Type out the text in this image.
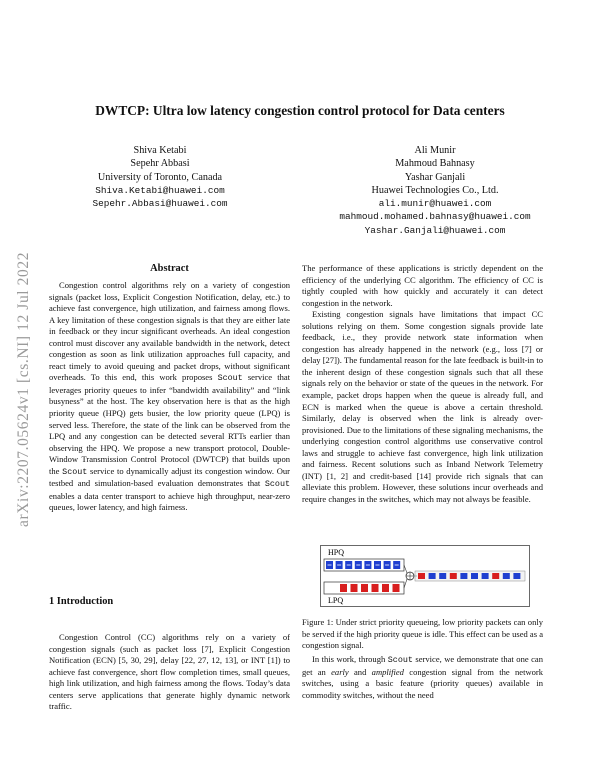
arXiv:2207.05624v1 [cs.NI] 12 Jul 2022
DWTCP: Ultra low latency congestion control protocol for Data centers
Shiva Ketabi
Sepehr Abbasi
University of Toronto, Canada
Shiva.Ketabi@huawei.com
Sepehr.Abbasi@huawei.com
Ali Munir
Mahmoud Bahnasy
Yashar Ganjali
Huawei Technologies Co., Ltd.
ali.munir@huawei.com
mahmoud.mohamed.bahnasy@huawei.com
Yashar.Ganjali@huawei.com
Abstract

Congestion control algorithms rely on a variety of congestion signals (packet loss, Explicit Congestion Notification, delay, etc.) to achieve fast convergence, high utilization, and fairness among flows. A key limitation of these congestion signals is that they are either late in feedback or they incur significant overheads. An ideal congestion control must discover any available bandwidth in the network, detect congestion as soon as link utilization approaches full capacity, and react timely to avoid queuing and packet drops, without significant overheads. To this end, this work proposes Scout service that leverages priority queues to infer “bandwidth availability” and “link busyness” at the host. The key observation here is that as the high priority queue (HPQ) gets busier, the low priority queue (LPQ) is served less. Therefore, the state of the link can be observed from the LPQ and any congestion can be detected several RTTs earlier than observing the HPQ. We propose a new transport protocol, Double-Window Transmission Control Protocol (DWTCP) that builds upon the Scout service to dynamically adjust its congestion window. Our testbed and simulation-based evaluation demonstrates that Scout enables a data center transport to achieve high throughput, near-zero queues, lower latency, and high fairness.

1 Introduction

Congestion Control (CC) algorithms rely on a variety of congestion signals (such as packet loss [7], Explicit Congestion Notification (ECN) [5, 30, 29], delay [22, 27, 12, 13], or INT [1]) to achieve fast convergence, short flow completion times, small queues, high link utilization, and high fairness among the flows. Today’s data centers serve applications that generate highly dynamic network traffic.

The performance of these applications is strictly dependent on the efficiency of the underlying CC algorithm. The efficiency of CC is tightly coupled with how quickly and accurately it can detect congestion in the network.

Existing congestion signals have limitations that impact CC solutions relying on them. Some congestion signals provide late feedback, i.e., they provide network state information when congestion has already happened in the network (e.g., loss [7] or delay [27]). The fundamental reason for the late feedback is built-in to the inherent design of these congestion signals such that all these signals rely on the behavior or state of the queues in the network. For example, packet drops happen when the queue is already full, and ECN is marked when the queue is above a certain threshold. Similarly, delay is observed when the link is already over-provisioned. Due to the limitations of these signaling mechanisms, the underlying congestion control algorithms use conservative control laws and struggle to achieve fast convergence, high link utilization and fairness. Recent solutions such as Inband Network Telemetry (INT) [1, 2] and credit-based [14] provide rich signals that can alleviate this problem. However, these solutions incur overheads and require changes in the switches, which may not always be feasible.

HPQ
LPQ

Figure 1: Under strict priority queueing, low priority packets can only be served if the high priority queue is idle. This effect can be used as a congestion signal.

In this work, through Scout service, we demonstrate that one can get an early and amplified congestion signal from the network switches, using a basic feature (priority queues) available in commodity switches, without the need
